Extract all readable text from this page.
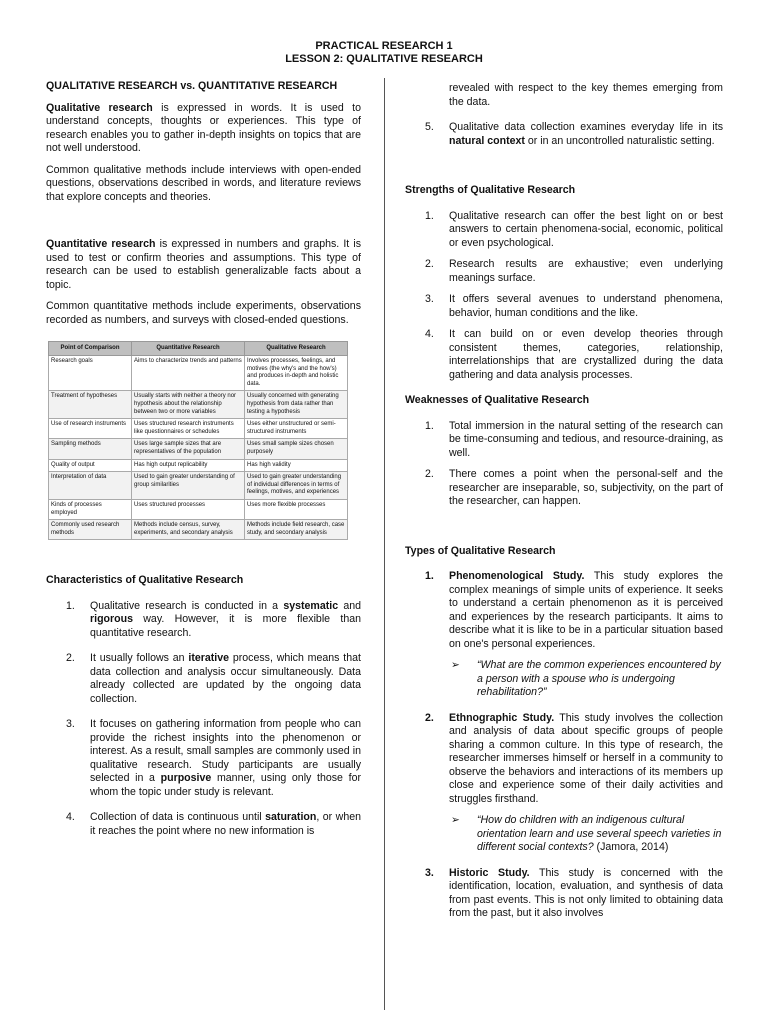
PRACTICAL RESEARCH 1
LESSON 2: QUALITATIVE RESEARCH
QUALITATIVE RESEARCH vs. QUANTITATIVE RESEARCH

Qualitative research is expressed in words. It is used to understand concepts, thoughts or experiences. This type of research enables you to gather in-depth insights on topics that are not well understood.

Common qualitative methods include interviews with open-ended questions, observations described in words, and literature reviews that explore concepts and theories.

Quantitative research is expressed in numbers and graphs. It is used to test or confirm theories and assumptions. This type of research can be used to establish generalizable facts about a topic.

Common quantitative methods include experiments, observations recorded as numbers, and surveys with closed-ended questions.

Point of Comparison	Quantitative Research	Qualitative Research
Research goals	Aims to characterize trends and patterns	Involves processes, feelings, and motives (the why's and the how's) and produces in-depth and holistic data.
Treatment of hypotheses	Usually starts with neither a theory nor hypothesis about the relationship between two or more variables	Usually concerned with generating hypothesis from data rather than testing a hypothesis
Use of research instruments	Uses structured research instruments like questionnaires or schedules	Uses either unstructured or semi-structured instruments
Sampling methods	Uses large sample sizes that are representatives of the population	Uses small sample sizes chosen purposely
Quality of output	Has high output replicability	Has high validity
Interpretation of data	Used to gain greater understanding of group similarities	Used to gain greater understanding of individual differences in terms of feelings, motives, and experiences
Kinds of processes employed	Uses structured processes	Uses more flexible processes
Commonly used research methods	Methods include census, survey, experiments, and secondary analysis	Methods include field research, case study, and secondary analysis
Characteristics of Qualitative Research
1.	Qualitative research is conducted in a systematic and rigorous way. However, it is more flexible than quantitative research.
2.	It usually follows an iterative process, which means that data collection and analysis occur simultaneously. Data already collected are updated by the ongoing data collection.
3.	It focuses on gathering information from people who can provide the richest insights into the phenomenon or interest. As a result, small samples are commonly used in qualitative research. Study participants are usually selected in a purposive manner, using only those for whom the topic under study is relevant.
4.	Collection of data is continuous until saturation, or when it reaches the point where no new information is
revealed with respect to the key themes emerging from the data.
5.	Qualitative data collection examines everyday life in its natural context or in an uncontrolled naturalistic setting.
Strengths of Qualitative Research
1.	Qualitative research can offer the best light on or best answers to certain phenomena-social, economic, political or even psychological.
2.	Research results are exhaustive; even underlying meanings surface.
3.	It offers several avenues to understand phenomena, behavior, human conditions and the like.
4.	It can build on or even develop theories through consistent themes, categories, relationship, interrelationships that are crystallized during the data gathering and data analysis processes.
Weaknesses of Qualitative Research
1.	Total immersion in the natural setting of the research can be time-consuming and tedious, and resource-draining, as well.
2.	There comes a point when the personal-self and the researcher are inseparable, so, subjectivity, on the part of the researcher, can happen.
Types of Qualitative Research
1.	Phenomenological Study. This study explores the complex meanings of simple units of experience. It seeks to understand a certain phenomenon as it is perceived and experiences by the research participants. It aims to describe what it is like to be in a particular situation based on one's personal experiences.
➢	“What are the common experiences encountered by a person with a spouse who is undergoing rehabilitation?”
2.	Ethnographic Study. This study involves the collection and analysis of data about specific groups of people sharing a common culture. In this type of research, the researcher immerses himself or herself in a community to observe the behaviors and interactions of its members up close and experience some of their daily activities and struggles firsthand.
➢	“How do children with an indigenous cultural orientation learn and use several speech varieties in different social contexts? (Jamora, 2014)
3.	Historic Study. This study is concerned with the identification, location, evaluation, and synthesis of data from past events. This is not only limited to obtaining data from the past, but it also involves
